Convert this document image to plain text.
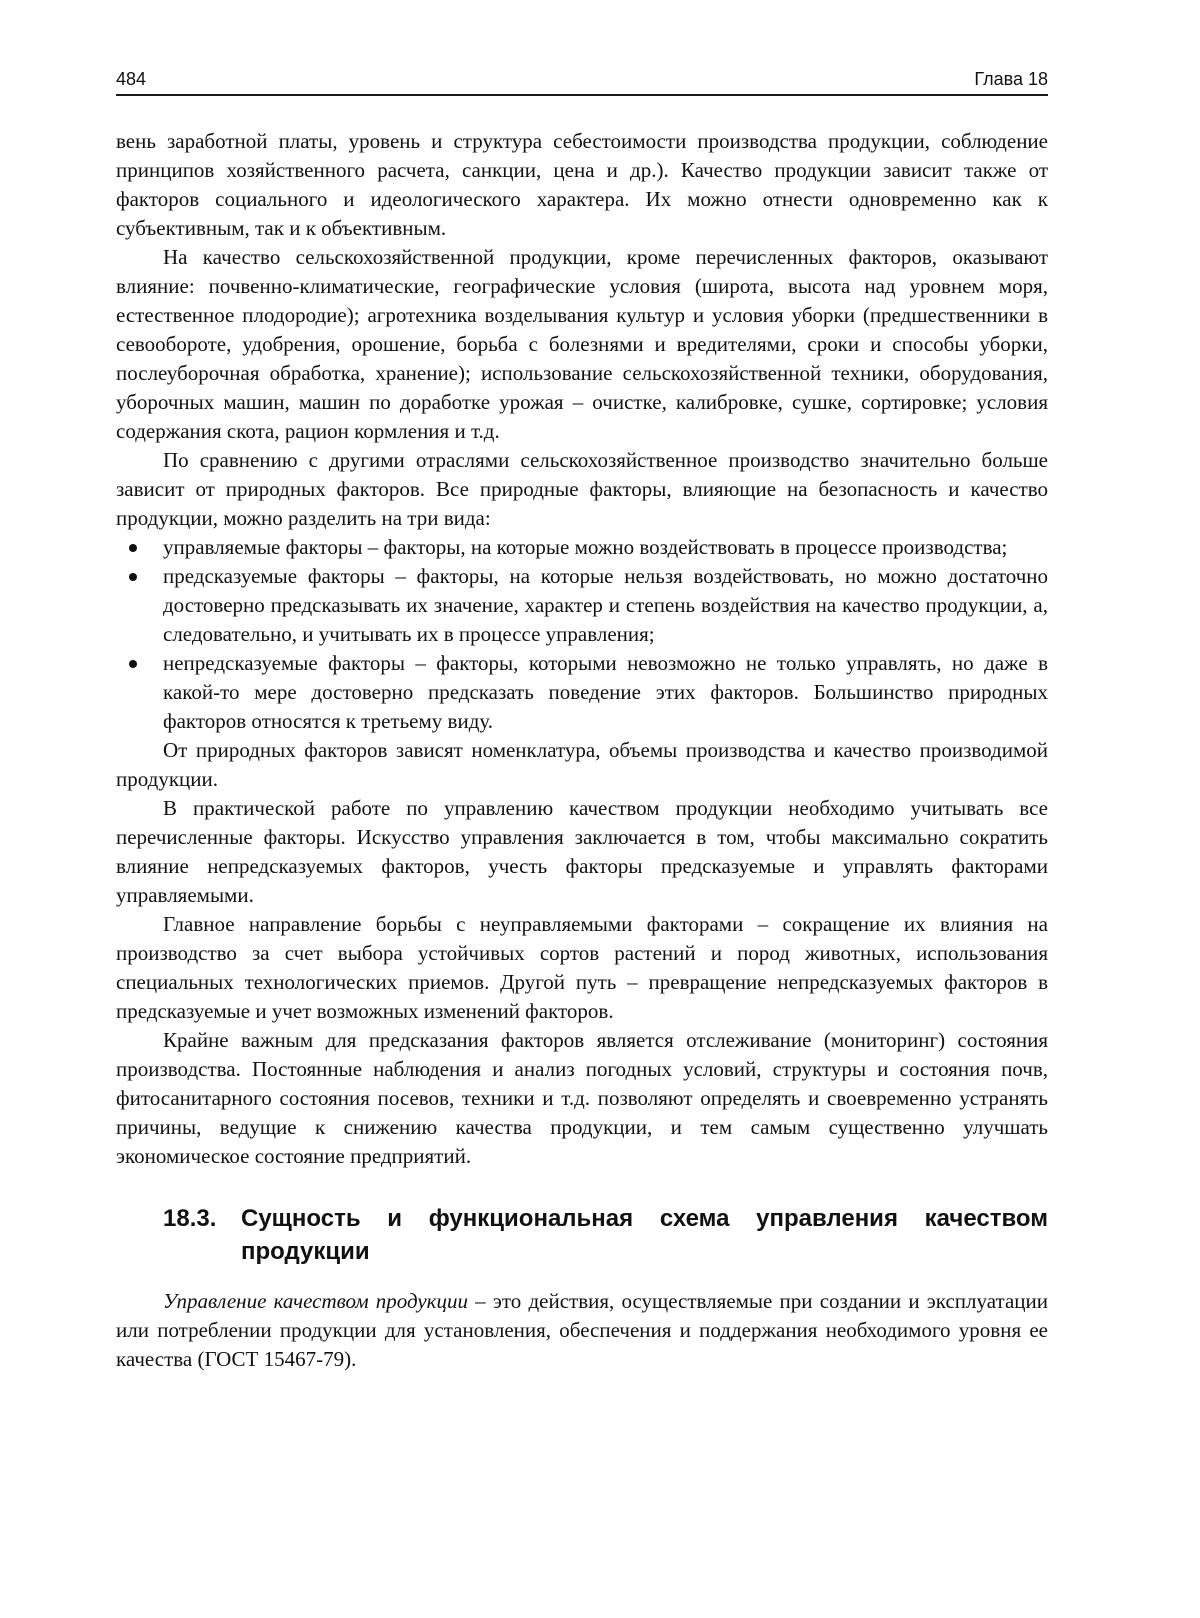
484	Глава 18

вень заработной платы, уровень и структура себестоимости производства продукции, соблюдение принципов хозяйственного расчета, санкции, цена и др.). Качество продукции зависит также от факторов социального и идеологического характера. Их можно отнести одновременно как к субъективным, так и к объективным.

На качество сельскохозяйственной продукции, кроме перечисленных факторов, оказывают влияние: почвенно-климатические, географические условия (широта, высота над уровнем моря, естественное плодородие); агротехника возделывания культур и условия уборки (предшественники в севообороте, удобрения, орошение, борьба с болезнями и вредителями, сроки и способы уборки, послеуборочная обработка, хранение); использование сельскохозяйственной техники, оборудования, уборочных машин, машин по доработке урожая – очистке, калибровке, сушке, сортировке; условия содержания скота, рацион кормления и т.д.

По сравнению с другими отраслями сельскохозяйственное производство значительно больше зависит от природных факторов. Все природные факторы, влияющие на безопасность и качество продукции, можно разделить на три вида:

управляемые факторы – факторы, на которые можно воздействовать в процессе производства;
предсказуемые факторы – факторы, на которые нельзя воздействовать, но можно достаточно достоверно предсказывать их значение, характер и степень воздействия на качество продукции, а, следовательно, и учитывать их в процессе управления;
непредсказуемые факторы – факторы, которыми невозможно не только управлять, но даже в какой-то мере достоверно предсказать поведение этих факторов. Большинство природных факторов относятся к третьему виду.

От природных факторов зависят номенклатура, объемы производства и качество производимой продукции.

В практической работе по управлению качеством продукции необходимо учитывать все перечисленные факторы. Искусство управления заключается в том, чтобы максимально сократить влияние непредсказуемых факторов, учесть факторы предсказуемые и управлять факторами управляемыми.

Главное направление борьбы с неуправляемыми факторами – сокращение их влияния на производство за счет выбора устойчивых сортов растений и пород животных, использования специальных технологических приемов. Другой путь – превращение непредсказуемых факторов в предсказуемые и учет возможных изменений факторов.

Крайне важным для предсказания факторов является отслеживание (мониторинг) состояния производства. Постоянные наблюдения и анализ погодных условий, структуры и состояния почв, фитосанитарного состояния посевов, техники и т.д. позволяют определять и своевременно устранять причины, ведущие к снижению качества продукции, и тем самым существенно улучшать экономическое состояние предприятий.

18.3.	Сущность и функциональная схема управления качеством продукции

Управление качеством продукции – это действия, осуществляемые при создании и эксплуатации или потреблении продукции для установления, обеспечения и поддержания необходимого уровня ее качества (ГОСТ 15467-79).
